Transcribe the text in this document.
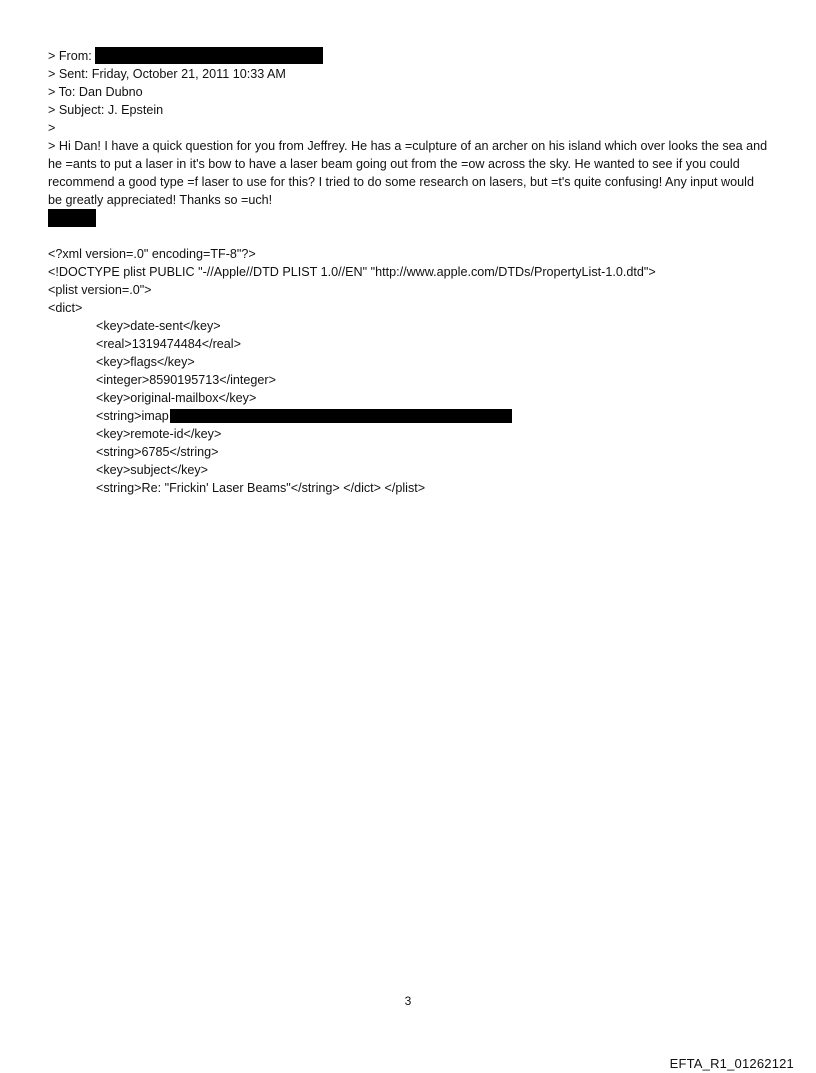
> From:
> Sent: Friday, October 21, 2011 10:33 AM
> To: Dan Dubno
> Subject: J. Epstein
>

> Hi Dan! I have a quick question for you from Jeffrey. He has a =culpture of an archer on his island which over looks the sea and he =ants to put a laser in it's bow to have a laser beam going out from the =ow across the sky. He wanted to see if you could recommend a good type =f laser to use for this? I tried to do some research on lasers, but =t's quite confusing! Any input would be greatly appreciated! Thanks so =uch!

<?xml version=.0" encoding=TF-8"?>
<!DOCTYPE plist PUBLIC "-//Apple//DTD PLIST 1.0//EN" "http://www.apple.com/DTDs/PropertyList-1.0.dtd">
<plist version=.0">
<dict>
<key>date-sent</key>
<real>1319474484</real>
<key>flags</key>
<integer>8590195713</integer>
<key>original-mailbox</key>
<string>imap
<key>remote-id</key>
<string>6785</string>
<key>subject</key>
<string>Re: "Frickin' Laser Beams"</string> </dict> </plist>
3
EFTA_R1_01262121
